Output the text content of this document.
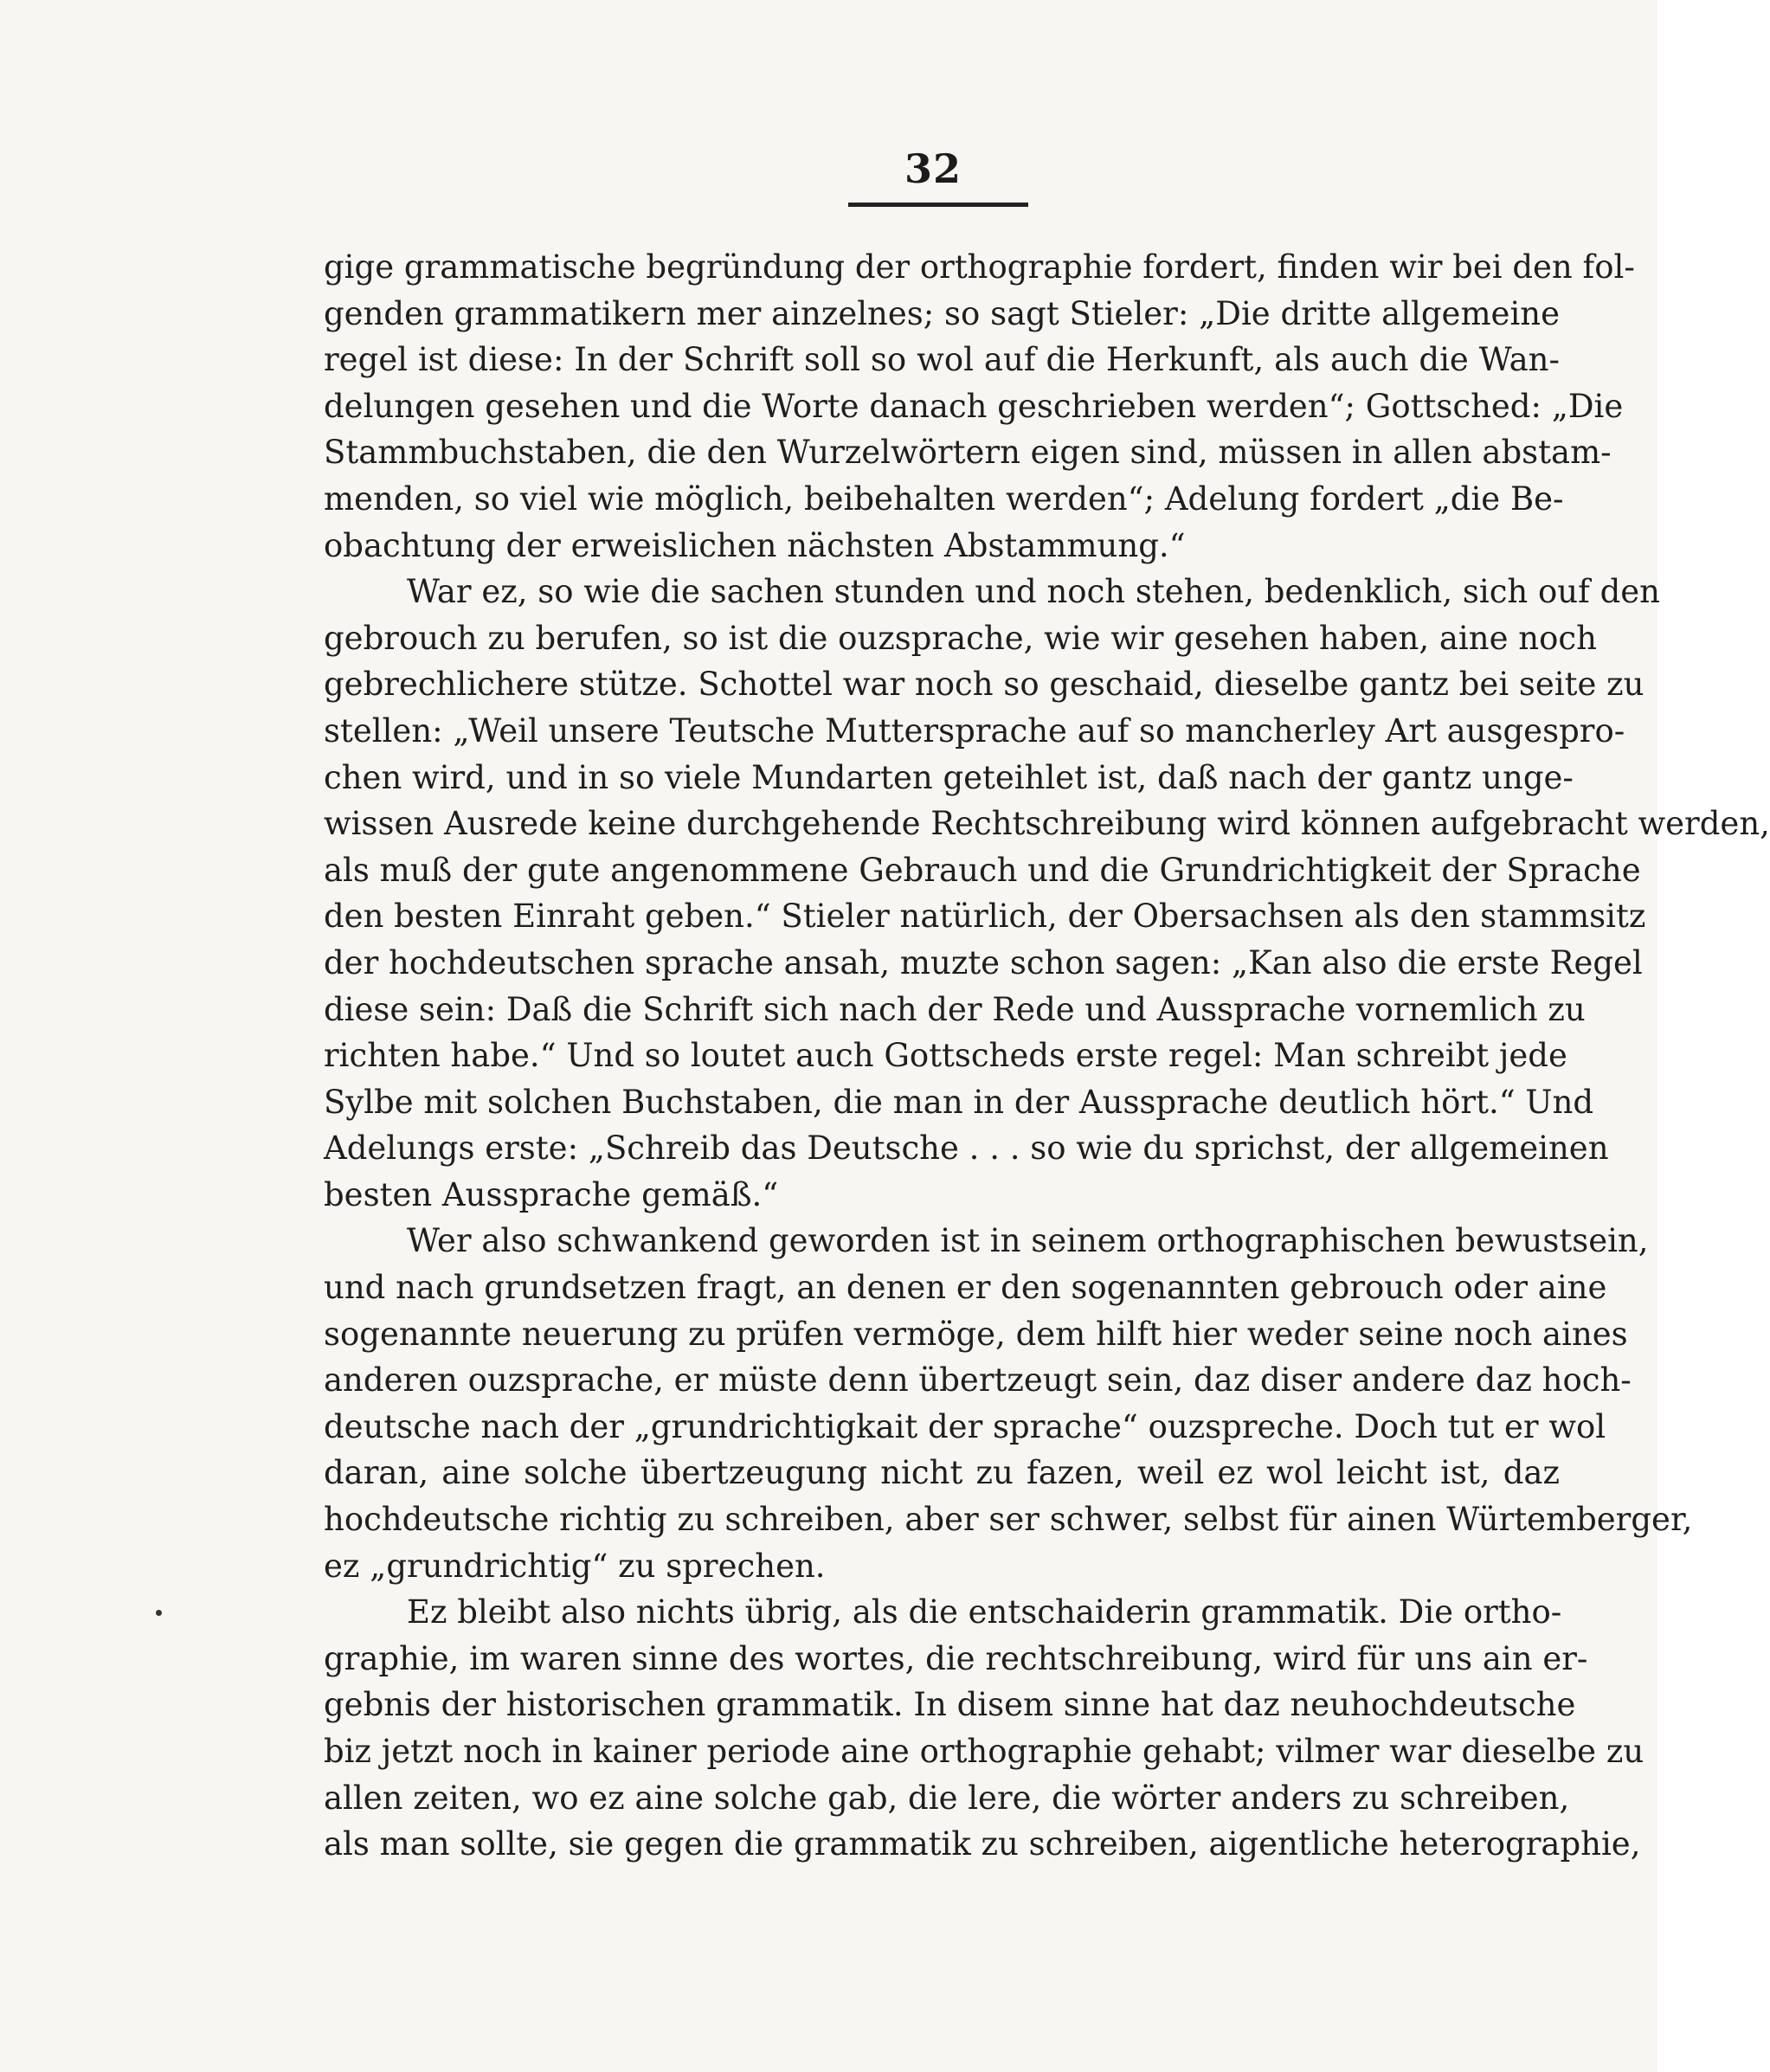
32
gige grammatische begründung der orthographie fordert, finden wir bei den fol-
genden grammatikern mer ainzelnes; so sagt Stieler: „Die dritte allgemeine
regel ist diese: In der Schrift soll so wol auf die Herkunft, als auch die Wan-
delungen gesehen und die Worte danach geschrieben werden“; Gottsched: „Die
Stammbuchstaben, die den Wurzelwörtern eigen sind, müssen in allen abstam-
menden, so viel wie möglich, beibehalten werden“; Adelung fordert „die Be-
obachtung der erweislichen nächsten Abstammung.“
War ez, so wie die sachen stunden und noch stehen, bedenklich, sich ouf den
gebrouch zu berufen, so ist die ouzsprache, wie wir gesehen haben, aine noch
gebrechlichere stütze. Schottel war noch so geschaid, dieselbe gantz bei seite zu
stellen: „Weil unsere Teutsche Muttersprache auf so mancherley Art ausgespro-
chen wird, und in so viele Mundarten geteihlet ist, daß nach der gantz unge-
wissen Ausrede keine durchgehende Rechtschreibung wird können aufgebracht werden,
als muß der gute angenommene Gebrauch und die Grundrichtigkeit der Sprache
den besten Einraht geben.“ Stieler natürlich, der Obersachsen als den stammsitz
der hochdeutschen sprache ansah, muzte schon sagen: „Kan also die erste Regel
diese sein: Daß die Schrift sich nach der Rede und Aussprache vornemlich zu
richten habe.“ Und so loutet auch Gottscheds erste regel: Man schreibt jede
Sylbe mit solchen Buchstaben, die man in der Aussprache deutlich hört.“ Und
Adelungs erste: „Schreib das Deutsche . . . so wie du sprichst, der allgemeinen
besten Aussprache gemäß.“
Wer also schwankend geworden ist in seinem orthographischen bewustsein,
und nach grundsetzen fragt, an denen er den sogenannten gebrouch oder aine
sogenannte neuerung zu prüfen vermöge, dem hilft hier weder seine noch aines
anderen ouzsprache, er müste denn übertzeugt sein, daz diser andere daz hoch-
deutsche nach der „grundrichtigkait der sprache“ ouzspreche. Doch tut er wol
daran, aine solche übertzeugung nicht zu fazen, weil ez wol leicht ist, daz
hochdeutsche richtig zu schreiben, aber ser schwer, selbst für ainen Würtemberger,
ez „grundrichtig“ zu sprechen.
Ez bleibt also nichts übrig, als die entschaiderin grammatik. Die ortho-
graphie, im waren sinne des wortes, die rechtschreibung, wird für uns ain er-
gebnis der historischen grammatik. In disem sinne hat daz neuhochdeutsche
biz jetzt noch in kainer periode aine orthographie gehabt; vilmer war dieselbe zu
allen zeiten, wo ez aine solche gab, die lere, die wörter anders zu schreiben,
als man sollte, sie gegen die grammatik zu schreiben, aigentliche heterographie,
